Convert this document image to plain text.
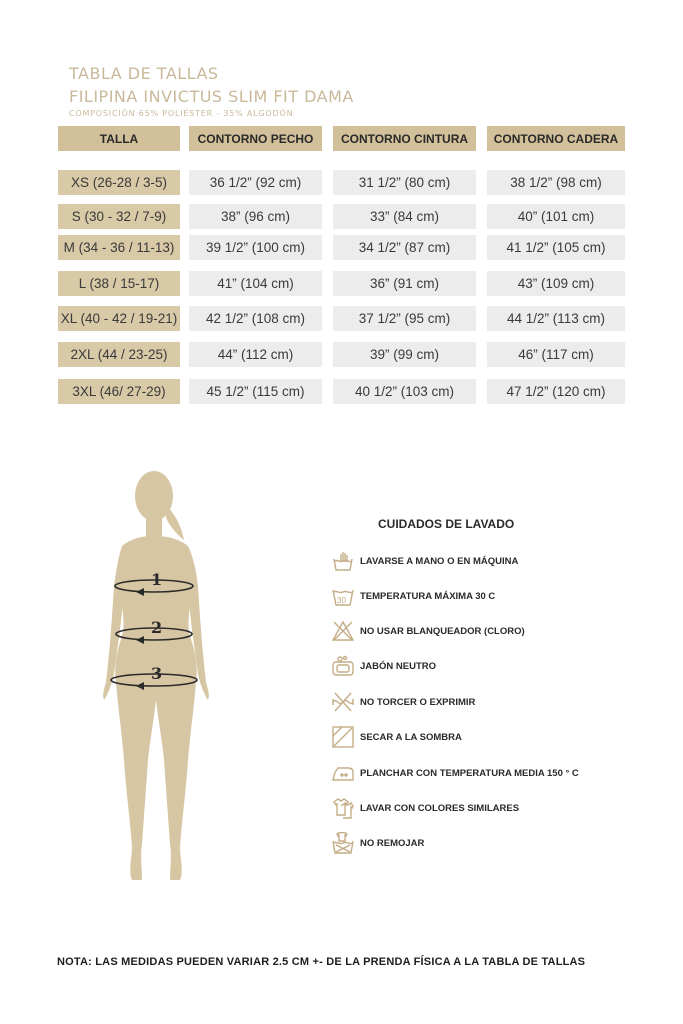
TABLA DE TALLAS
FILIPINA INVICTUS SLIM FIT DAMA
COMPOSICIÓN 65% POLIÉSTER - 35% ALGODÓN
TALLA	CONTORNO PECHO	CONTORNO CINTURA	CONTORNO CADERA
XS (26-28 / 3-5)	36 1/2” (92 cm)	31 1/2” (80 cm)	38 1/2” (98 cm)
S (30 - 32 / 7-9)	38” (96 cm)	33” (84 cm)	40” (101 cm)
M (34 - 36 / 11-13)	39 1/2” (100 cm)	34 1/2” (87 cm)	41 1/2” (105 cm)
L (38 / 15-17)	41” (104 cm)	36” (91 cm)	43” (109 cm)
XL (40 - 42 / 19-21)	42 1/2” (108 cm)	37 1/2” (95 cm)	44 1/2” (113 cm)
2XL (44 / 23-25)	44” (112 cm)	39” (99 cm)	46” (117 cm)
3XL (46/ 27-29)	45 1/2” (115 cm)	40 1/2” (103 cm)	47 1/2” (120 cm)
1
2
3
CUIDADOS DE LAVADO
LAVARSE A MANO O EN MÁQUINA
30 TEMPERATURA MÁXIMA 30 C
NO USAR BLANQUEADOR (CLORO)
JABÓN NEUTRO
NO TORCER O EXPRIMIR
SECAR A LA SOMBRA
PLANCHAR CON TEMPERATURA MEDIA 150 ° C
LAVAR CON COLORES SIMILARES
NO REMOJAR
NOTA: LAS MEDIDAS PUEDEN VARIAR 2.5 CM +- DE LA PRENDA FÍSICA A LA TABLA DE TALLAS
